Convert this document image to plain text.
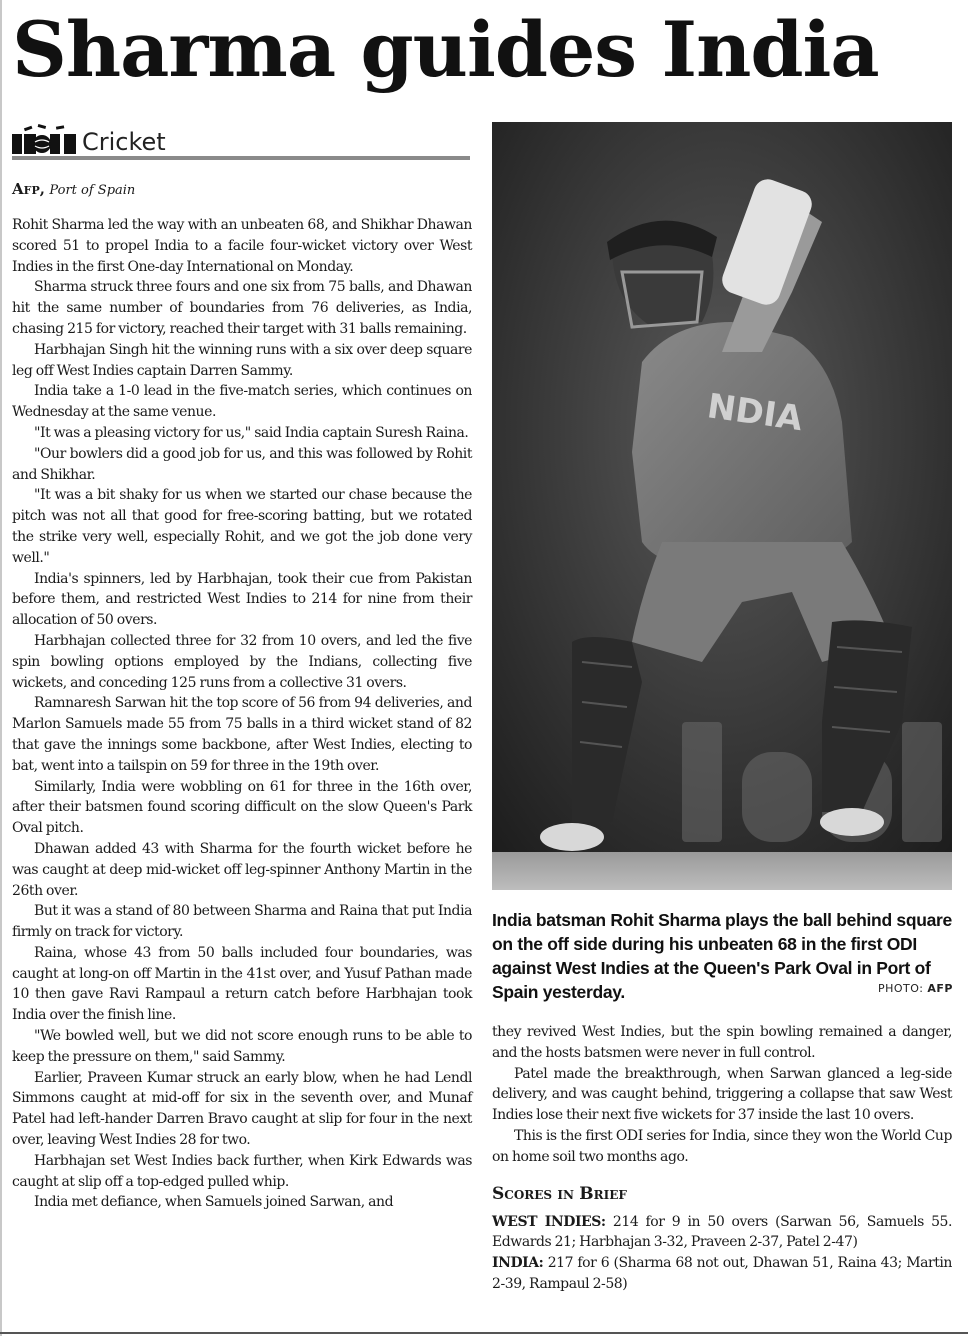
Sharma guides India
Cricket
Afp, Port of Spain

Rohit Sharma led the way with an unbeaten 68, and Shikhar Dhawan scored 51 to propel India to a facile four-wicket victory over West Indies in the first One-day International on Monday.

Sharma struck three fours and one six from 75 balls, and Dhawan hit the same number of boundaries from 76 deliveries, as India, chasing 215 for victory, reached their target with 31 balls remaining.

Harbhajan Singh hit the winning runs with a six over deep square leg off West Indies captain Darren Sammy.

India take a 1-0 lead in the five-match series, which continues on Wednesday at the same venue.

"It was a pleasing victory for us," said India captain Suresh Raina.

"Our bowlers did a good job for us, and this was followed by Rohit and Shikhar.

"It was a bit shaky for us when we started our chase because the pitch was not all that good for free-scoring batting, but we rotated the strike very well, especially Rohit, and we got the job done very well."

India's spinners, led by Harbhajan, took their cue from Pakistan before them, and restricted West Indies to 214 for nine from their allocation of 50 overs.

Harbhajan collected three for 32 from 10 overs, and led the five spin bowling options employed by the Indians, collecting five wickets, and conceding 125 runs from a collective 31 overs.

Ramnaresh Sarwan hit the top score of 56 from 94 deliveries, and Marlon Samuels made 55 from 75 balls in a third wicket stand of 82 that gave the innings some backbone, after West Indies, electing to bat, went into a tailspin on 59 for three in the 19th over.

Similarly, India were wobbling on 61 for three in the 16th over, after their batsmen found scoring difficult on the slow Queen's Park Oval pitch.

Dhawan added 43 with Sharma for the fourth wicket before he was caught at deep mid-wicket off leg-spinner Anthony Martin in the 26th over.

But it was a stand of 80 between Sharma and Raina that put India firmly on track for victory.

Raina, whose 43 from 50 balls included four boundaries, was caught at long-on off Martin in the 41st over, and Yusuf Pathan made 10 then gave Ravi Rampaul a return catch before Harbhajan took India over the finish line.

"We bowled well, but we did not score enough runs to be able to keep the pressure on them," said Sammy.

Earlier, Praveen Kumar struck an early blow, when he had Lendl Simmons caught at mid-off for six in the seventh over, and Munaf Patel had left-hander Darren Bravo caught at slip for four in the next over, leaving West Indies 28 for two.

Harbhajan set West Indies back further, when Kirk Edwards was caught at slip off a top-edged pulled whip.

India met defiance, when Samuels joined Sarwan, and

NDIA
India batsman Rohit Sharma plays the ball behind square on the off side during his unbeaten 68 in the first ODI against West Indies at the Queen's Park Oval in Port of Spain yesterday.	PHOTO: AFP

they revived West Indies, but the spin bowling remained a danger, and the hosts batsmen were never in full control.

Patel made the breakthrough, when Sarwan glanced a leg-side delivery, and was caught behind, triggering a collapse that saw West Indies lose their next five wickets for 37 inside the last 10 overs.

This is the first ODI series for India, since they won the World Cup on home soil two months ago.

Scores in Brief

WEST INDIES: 214 for 9 in 50 overs (Sarwan 56, Samuels 55. Edwards 21; Harbhajan 3-32, Praveen 2-37, Patel 2-47)

INDIA: 217 for 6 (Sharma 68 not out, Dhawan 51, Raina 43; Martin 2-39, Rampaul 2-58)
